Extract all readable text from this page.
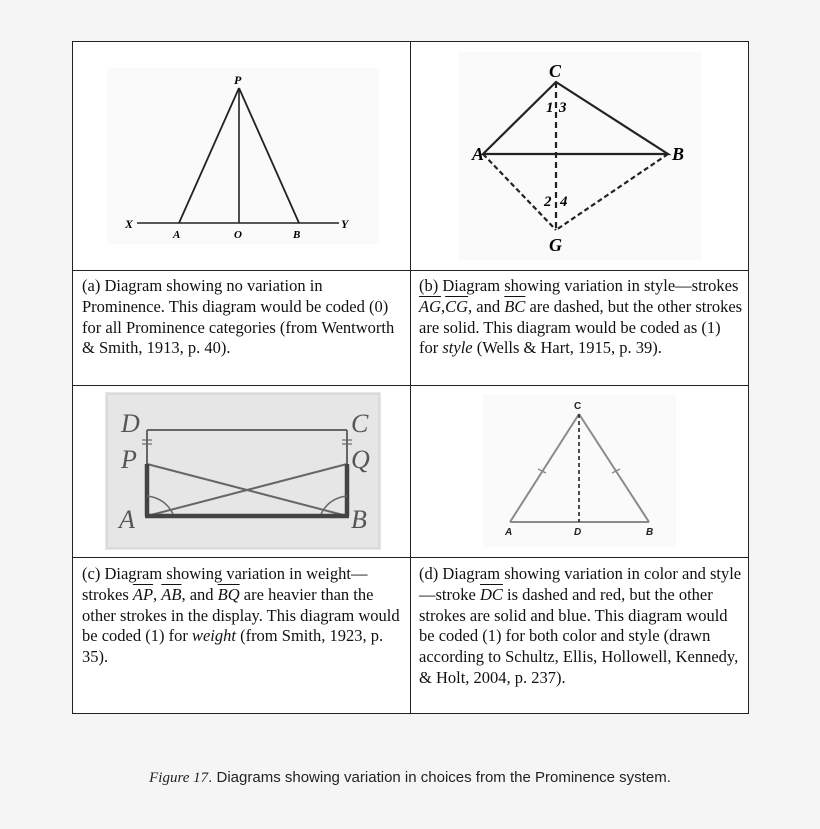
P
X
A	O	B
Y
C
A	B
G
1 3
2 4
D
P
A
C
Q
B
C
A	D	B
(a) Diagram showing no variation in Prominence. This diagram would be coded (0) for all Prominence categories (from Wentworth & Smith, 1913, p. 40).
(b) Diagram showing variation in style—strokes $\overline{AG},\overline{CG}$, and $\overline{BC}$ are dashed, but the other strokes are solid. This diagram would be coded as (1) for style (Wells & Hart, 1915, p. 39).
(c) Diagram showing variation in weight—strokes $\overline{AP}$, $\overline{AB}$, and $\overline{BQ}$ are heavier than the other strokes in the display. This diagram would be coded (1) for weight (from Smith, 1923, p. 35).
(d) Diagram showing variation in color and style—stroke $\overline{DC}$ is dashed and red, but the other strokes are solid and blue. This diagram would be coded (1) for both color and style (drawn according to Schultz, Ellis, Hollowell, Kennedy, & Holt, 2004, p. 237).
Figure 17. Diagrams showing variation in choices from the Prominence system.
